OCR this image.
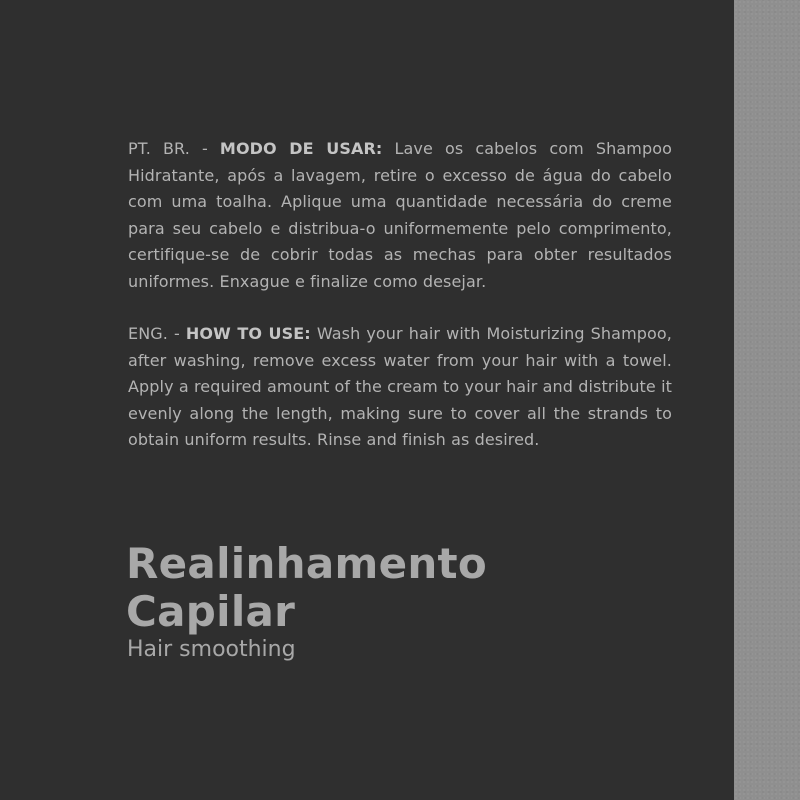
PT. BR. - MODO DE USAR: Lave os cabelos com Shampoo Hidratante, após a lavagem, retire o excesso de água do cabelo com uma toalha. Aplique uma quantidade necessária do creme para seu cabelo e distribua-o uniformemente pelo comprimento, certifique-se de cobrir todas as mechas para obter resultados uniformes. Enxague e finalize como desejar.

ENG. - HOW TO USE: Wash your hair with Moisturizing Shampoo, after washing, remove excess water from your hair with a towel. Apply a required amount of the cream to your hair and distribute it evenly along the length, making sure to cover all the strands to obtain uniform results. Rinse and finish as desired.

Realinhamento
Capilar
Hair smoothing
